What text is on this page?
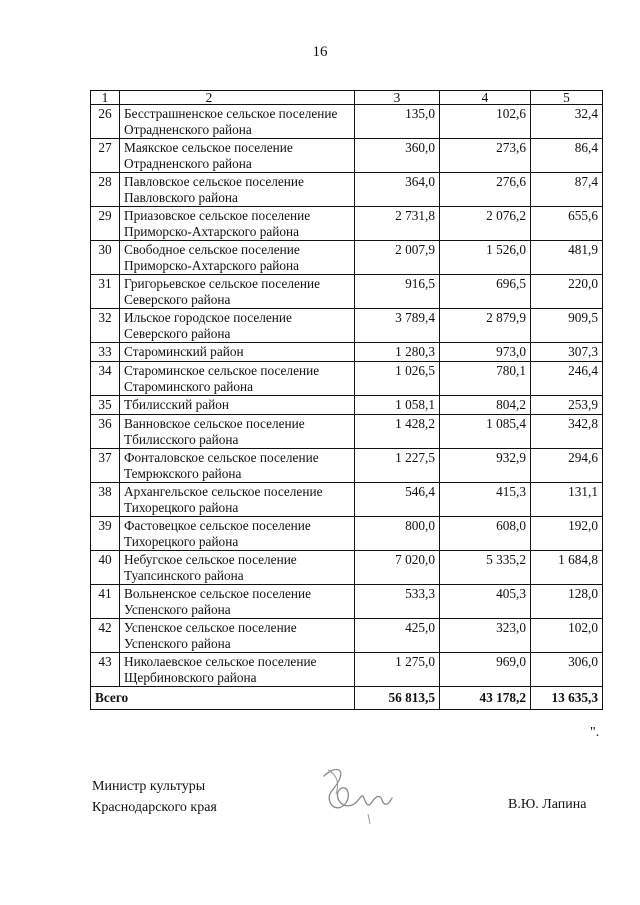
16
1	2	3	4	5
26	Бесстрашненское сельское поселение Отрадненского района	135,0	102,6	32,4
27	Маякское сельское поселение Отрадненского района	360,0	273,6	86,4
28	Павловское сельское поселение Павловского района	364,0	276,6	87,4
29	Приазовское сельское поселение Приморско-Ахтарского района	2 731,8	2 076,2	655,6
30	Свободное сельское поселение Приморско-Ахтарского района	2 007,9	1 526,0	481,9
31	Григорьевское сельское поселение Северского района	916,5	696,5	220,0
32	Ильское городское поселение Северского района	3 789,4	2 879,9	909,5
33	Староминский район	1 280,3	973,0	307,3
34	Староминское сельское поселение Староминского района	1 026,5	780,1	246,4
35	Тбилисский район	1 058,1	804,2	253,9
36	Ванновское сельское поселение Тбилисского района	1 428,2	1 085,4	342,8
37	Фонталовское сельское поселение Темрюкского района	1 227,5	932,9	294,6
38	Архангельское сельское поселение Тихорецкого района	546,4	415,3	131,1
39	Фастовецкое сельское поселение Тихорецкого района	800,0	608,0	192,0
40	Небугское сельское поселение Туапсинского района	7 020,0	5 335,2	1 684,8
41	Вольненское сельское поселение Успенского района	533,3	405,3	128,0
42	Успенское сельское поселение Успенского района	425,0	323,0	102,0
43	Николаевское сельское поселение Щербиновского района	1 275,0	969,0	306,0
Всего		56 813,5	43 178,2	13 635,3
".
Министр культуры
Краснодарского края	В.Ю. Лапина
